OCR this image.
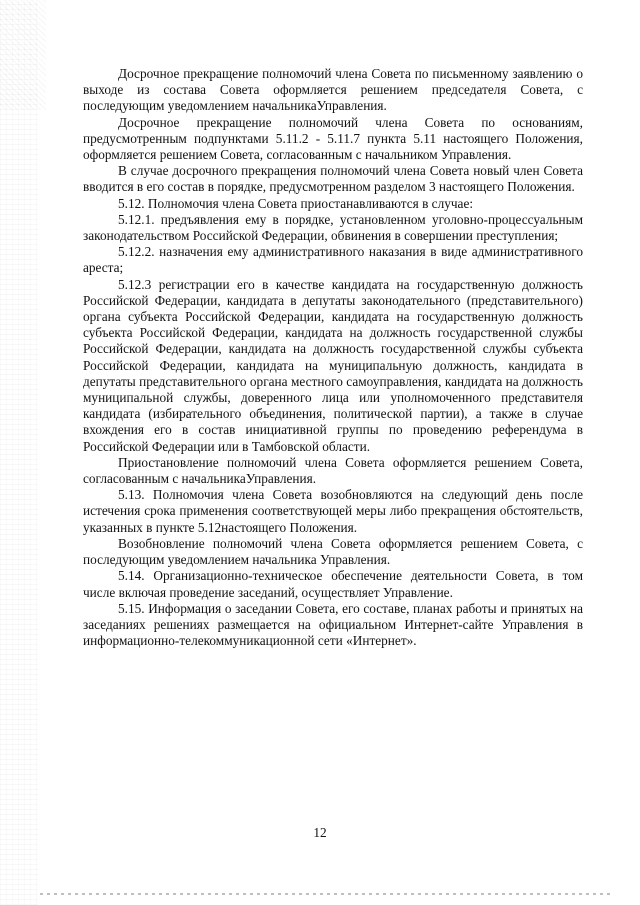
Досрочное прекращение полномочий члена Совета по письменному заявлению о выходе из состава Совета оформляется решением председателя Совета, с последующим уведомлением начальникаУправления.

Досрочное прекращение полномочий члена Совета по основаниям, предусмотренным подпунктами 5.11.2 - 5.11.7 пункта 5.11 настоящего Положения, оформляется решением Совета, согласованным с начальником Управления.

В случае досрочного прекращения полномочий члена Совета новый член Совета вводится в его состав в порядке, предусмотренном разделом 3 настоящего Положения.

5.12. Полномочия члена Совета приостанавливаются в случае:

5.12.1. предъявления ему в порядке, установленном уголовно-процессуальным законодательством Российской Федерации, обвинения в совершении преступления;

5.12.2. назначения ему административного наказания в виде административного ареста;

5.12.3 регистрации его в качестве кандидата на государственную должность Российской Федерации, кандидата в депутаты законодательного (представительного) органа субъекта Российской Федерации, кандидата на государственную должность субъекта Российской Федерации, кандидата на должность государственной службы Российской Федерации, кандидата на должность государственной службы субъекта Российской Федерации, кандидата на муниципальную должность, кандидата в депутаты представительного органа местного самоуправления, кандидата на должность муниципальной службы, доверенного лица или уполномоченного представителя кандидата (избирательного объединения, политической партии), а также в случае вхождения его в состав инициативной группы по проведению референдума в Российской Федерации или в Тамбовской области.

Приостановление полномочий члена Совета оформляется решением Совета, согласованным с начальникаУправления.

5.13. Полномочия члена Совета возобновляются на следующий день после истечения срока применения соответствующей меры либо прекращения обстоятельств, указанных в пункте 5.12настоящего Положения.

Возобновление полномочий члена Совета оформляется решением Совета, с последующим уведомлением начальника Управления.

5.14. Организационно-техническое обеспечение деятельности Совета, в том числе включая проведение заседаний, осуществляет Управление.

5.15. Информация о заседании Совета, его составе, планах работы и принятых на заседаниях решениях размещается на официальном Интернет-сайте Управления в информационно-телекоммуникационной сети «Интернет».

12
